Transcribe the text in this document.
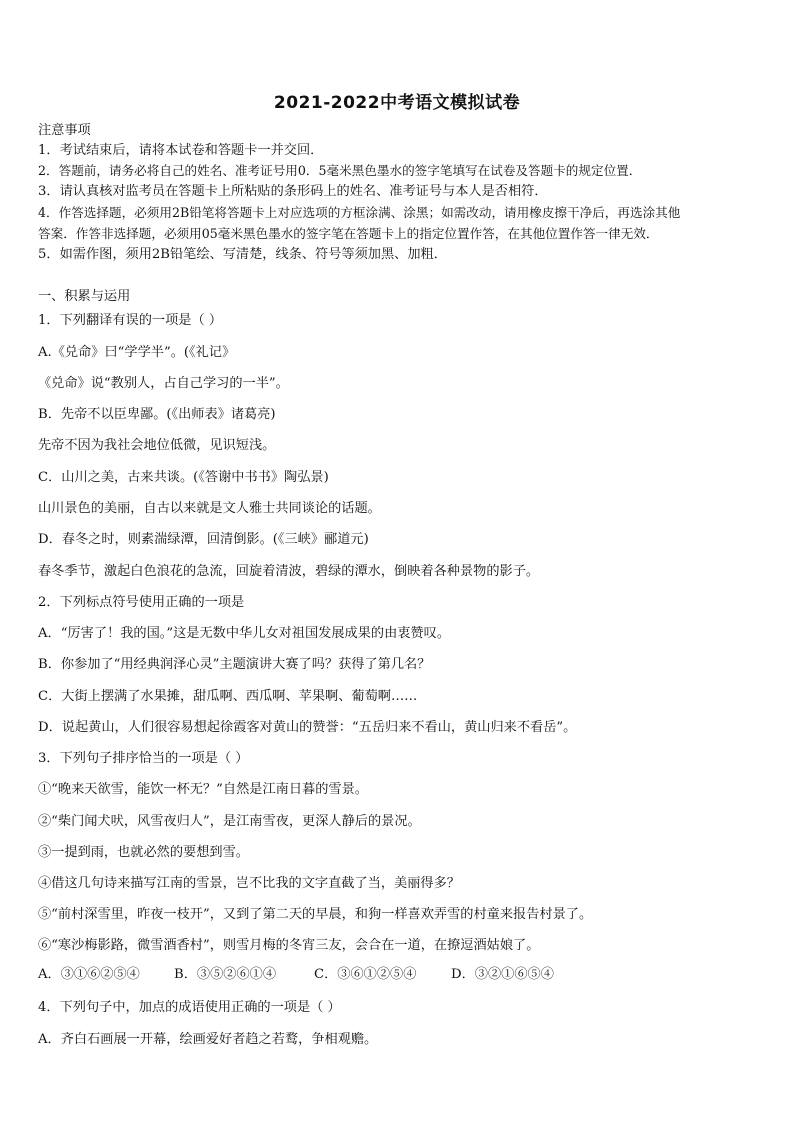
2021-2022中考语文模拟试卷

注意事项

1．考试结束后，请将本试卷和答题卡一并交回．

2．答题前，请务必将自己的姓名、准考证号用0．5毫米黑色墨水的签字笔填写在试卷及答题卡的规定位置．

3．请认真核对监考员在答题卡上所粘贴的条形码上的姓名、准考证号与本人是否相符．

4．作答选择题，必须用2B铅笔将答题卡上对应选项的方框涂满、涂黑；如需改动，请用橡皮擦干净后，再选涂其他

答案．作答非选择题，必须用05毫米黑色墨水的签字笔在答题卡上的指定位置作答，在其他位置作答一律无效．

5．如需作图，须用2B铅笔绘、写清楚，线条、符号等须加黑、加粗．

一、积累与运用

1．下列翻译有误的一项是（ ）

A.《兑命》曰“学学半”。(《礼记》

《兑命》说“教别人，占自己学习的一半”。

B．先帝不以臣卑鄙。(《出师表》诸葛亮)

先帝不因为我社会地位低微，见识短浅。

C．山川之美，古来共谈。(《答谢中书书》陶弘景)

山川景色的美丽，自古以来就是文人雅士共同谈论的话题。

D．春冬之时，则素湍绿潭，回清倒影。(《三峡》郦道元)

春冬季节，激起白色浪花的急流，回旋着清波，碧绿的潭水，倒映着各种景物的影子。

2．下列标点符号使用正确的一项是

A．“厉害了！我的国。”这是无数中华儿女对祖国发展成果的由衷赞叹。

B．你参加了“用经典润泽心灵”主题演讲大赛了吗？获得了第几名？

C．大街上摆满了水果摊，甜瓜啊、西瓜啊、苹果啊、葡萄啊……

D．说起黄山，人们很容易想起徐霞客对黄山的赞誉：“五岳归来不看山，黄山归来不看岳”。

3．下列句子排序恰当的一项是（ ）

①“晚来天欲雪，能饮一杯无？”自然是江南日暮的雪景。

②“柴门闻犬吠，风雪夜归人”，是江南雪夜，更深人静后的景况。

③一提到雨，也就必然的要想到雪。

④借这几句诗来描写江南的雪景，岂不比我的文字直截了当，美丽得多？

⑤“前村深雪里，昨夜一枝开”，又到了第二天的早晨，和狗一样喜欢弄雪的村童来报告村景了。

⑥“寒沙梅影路，微雪酒香村”，则雪月梅的冬宵三友，会合在一道，在撩逗酒姑娘了。

A．③①⑥②⑤④	B．③⑤②⑥①④	C．③⑥①②⑤④	D．③②①⑥⑤④

4．下列句子中，加点的成语使用正确的一项是（ ）

A．齐白石画展一开幕，绘画爱好者趋之若鹜，争相观赡。
